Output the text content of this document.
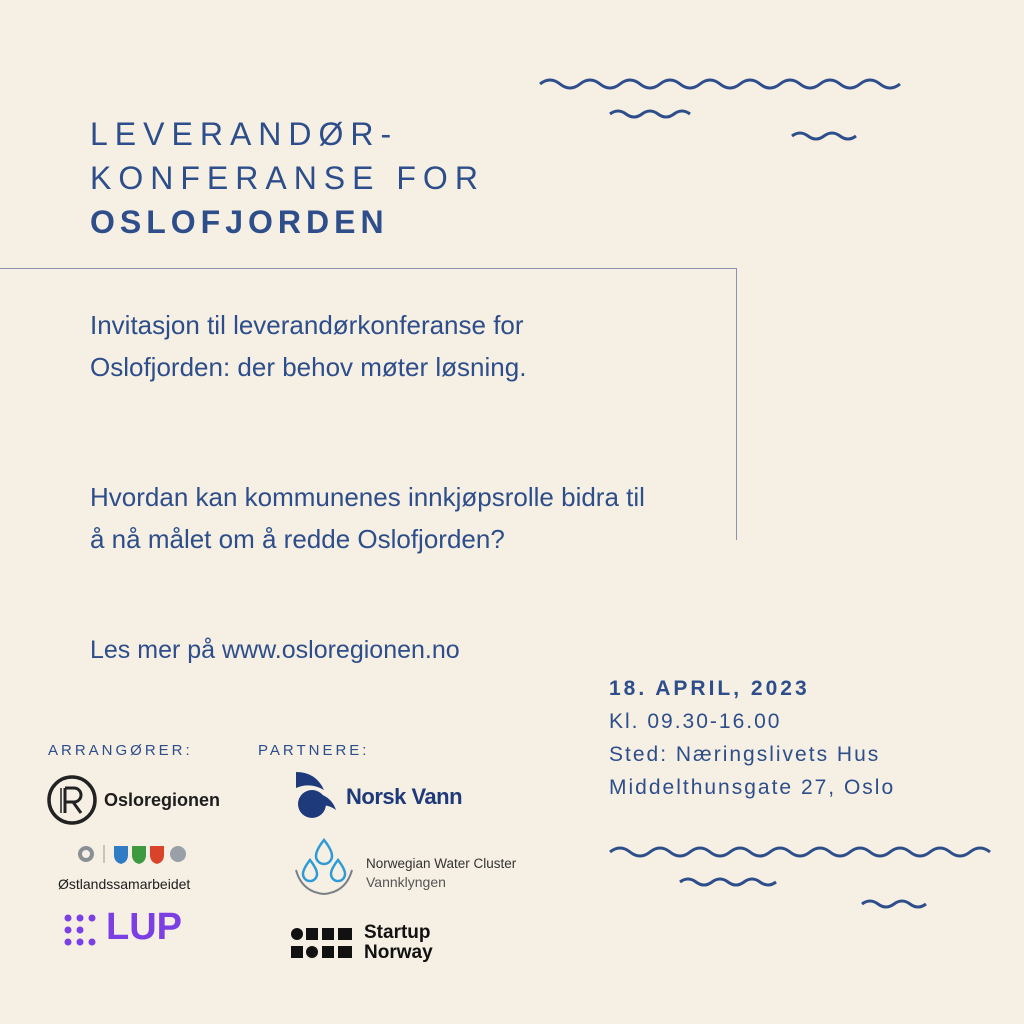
LEVERANDØR-
KONFERANSE FOR
OSLOFJORDEN
Invitasjon til leverandørkonferanse for Oslofjorden: der behov møter løsning.
Hvordan kan kommunenes innkjøpsrolle bidra til å nå målet om å redde Oslofjorden?
Les mer på www.osloregionen.no
18. APRIL, 2023
Kl. 09.30-16.00
Sted: Næringslivets Hus
Middelthunsgate 27, Oslo
ARRANGØRER:
Osloregionen
Østlandssamarbeidet
LUP
PARTNERE:
Norsk Vann
Norwegian Water Cluster
Vannklyngen
Startup
Norway
